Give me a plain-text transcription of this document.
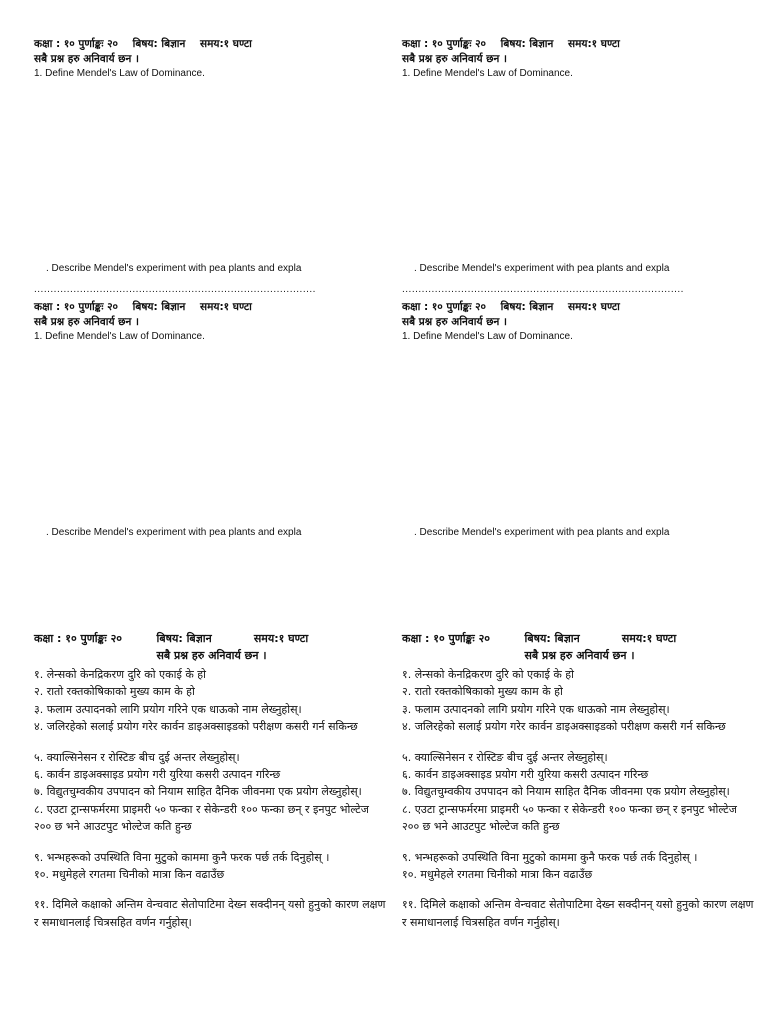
कक्षा : १० पुर्णाङ्कः २०    बिषय: बिज्ञान    समय:१ घण्टा
सबै प्रश्न हरु अनिवार्य छन ।
1. Define Mendel's Law of Dominance.
. Describe Mendel's experiment with pea plants and expla
......................................................................................
कक्षा : १० पुर्णाङ्कः २०    बिषय: बिज्ञान    समय:१ घण्टा
सबै प्रश्न हरु अनिवार्य छन ।
1. Define Mendel's Law of Dominance.
. Describe Mendel's experiment with pea plants and expla
......................................................................................
कक्षा : १० पुर्णाङ्कः २०    बिषय: बिज्ञान    समय:१ घण्टा
सबै प्रश्न हरु अनिवार्य छन ।
1. Define Mendel's Law of Dominance.
. Describe Mendel's experiment with pea plants and expla
कक्षा : १० पुर्णाङ्कः २०    बिषय: बिज्ञान    समय:१ घण्टा
सबै प्रश्न हरु अनिवार्य छन ।
1. Define Mendel's Law of Dominance.
. Describe Mendel's experiment with pea plants and expla
कक्षा : १० पुर्णाङ्कः २०         बिषय: बिज्ञान           समय:१ घण्टा
सबै प्रश्न हरु अनिवार्य छन ।
१. लेन्सको केनद्रिकरण दुरि को एकाई के हो
२. रातो रक्तकोषिकाको मुख्य काम के हो
३. फलाम उत्पादनको लागि प्रयोग गरिने एक धाऊको नाम लेख्नुहोस्।
४. जलिरहेको सलाई प्रयोग गरेर कार्वन डाइअक्साइडको परीक्षण कसरी गर्न सकिन्छ
५. क्याल्सिनेसन र रोस्टिङ बीच दुई अन्तर लेख्नुहोस्।
६. कार्वन डाइअक्साइड प्रयोग गरी युरिया कसरी उत्पादन गरिन्छ
७. विद्युतचुम्वकीय उपपादन को नियाम साहित दैनिक जीवनमा एक प्रयोग लेख्नुहोस्।
८. एउटा ट्रान्सफर्मरमा प्राइमरी ५० फन्का र सेकेन्डरी १०० फन्का छन् र इनपुट भोल्टेज २०० छ भने आउटपुट भोल्टेज कति हुन्छ
९. भन्भहरूको उपस्थिति विना मुटुको काममा कुनै फरक पर्छ तर्क दिनुहोस् ।
१०. मधुमेहले रगतमा चिनीको मात्रा किन वढाउँछ
११. दिमिले कक्षाको अन्तिम वेन्चवाट सेतोपाटिमा देख्न सक्दीनन् यसो हुनुको कारण लक्षण र समाधानलाई चित्रसहित वर्णन गर्नुहोस्।
कक्षा : १० पुर्णाङ्कः २०         बिषय: बिज्ञान           समय:१ घण्टा
सबै प्रश्न हरु अनिवार्य छन ।
१. लेन्सको केनद्रिकरण दुरि को एकाई के हो
२. रातो रक्तकोषिकाको मुख्य काम के हो
३. फलाम उत्पादनको लागि प्रयोग गरिने एक धाऊको नाम लेख्नुहोस्।
४. जलिरहेको सलाई प्रयोग गरेर कार्वन डाइअक्साइडको परीक्षण कसरी गर्न सकिन्छ
५. क्याल्सिनेसन र रोस्टिङ बीच दुई अन्तर लेख्नुहोस्।
६. कार्वन डाइअक्साइड प्रयोग गरी युरिया कसरी उत्पादन गरिन्छ
७. विद्युतचुम्वकीय उपपादन को नियाम साहित दैनिक जीवनमा एक प्रयोग लेख्नुहोस्।
८. एउटा ट्रान्सफर्मरमा प्राइमरी ५० फन्का र सेकेन्डरी १०० फन्का छन् र इनपुट भोल्टेज २०० छ भने आउटपुट भोल्टेज कति हुन्छ
९. भन्भहरूको उपस्थिति विना मुटुको काममा कुनै फरक पर्छ तर्क दिनुहोस् ।
१०. मधुमेहले रगतमा चिनीको मात्रा किन वढाउँछ
११. दिमिले कक्षाको अन्तिम वेन्चवाट सेतोपाटिमा देख्न सक्दीनन् यसो हुनुको कारण लक्षण र समाधानलाई चित्रसहित वर्णन गर्नुहोस्।
